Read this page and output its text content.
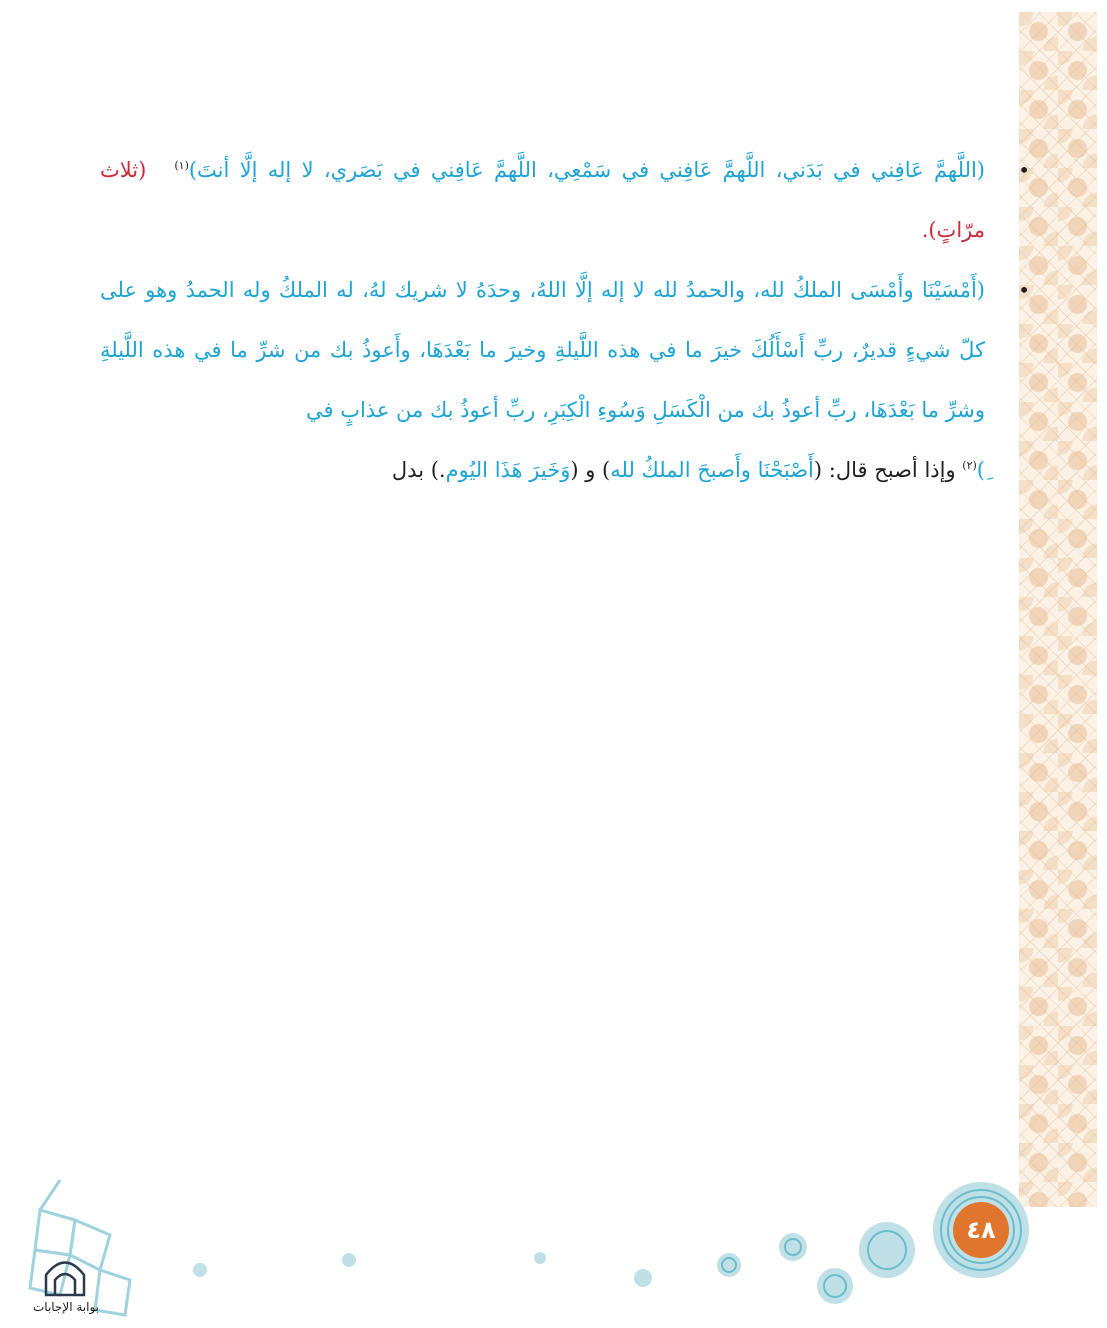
•
(اللَّهمَّ عَافِني في بَدَني، اللَّهمَّ عَافِني في سَمْعِي، اللَّهمَّ عَافِني في بَصَري، لا إله إلَّا أنتَ)$^{(١)}$(ثلاث مرّاتٍ).

•
(أَمْسَيْنَا وأَمْسَى الملكُ لله، والحمدُ لله لا إله إلَّا اللهُ، وحدَهُ لا شريك لهُ، له الملكُ وله الحمدُ وهو على كلّ شيءٍ قديرٌ، ربِّ أَسْأَلُكَ خيرَ ما في هذه اللَّيلةِ وخيرَ ما بَعْدَهَا، وأَعوذُ بك من شرِّ ما في هذه اللَّيلةِ وشرِّ ما بَعْدَهَا، ربِّ أعوذُ بك من الْكَسَلِ وَسُوءِ الْكِبَرِ، ربِّ أعوذُ بك من عذابٍ في
ِ)$^{(٢)}$ وإذا أصبح قال: (أَصْبَحْنَا وأَصبحَ الملكُ لله) و (وَخَيرَ هَذَا اليُوم.) بدل

٤٨
بوابة الإجابات
